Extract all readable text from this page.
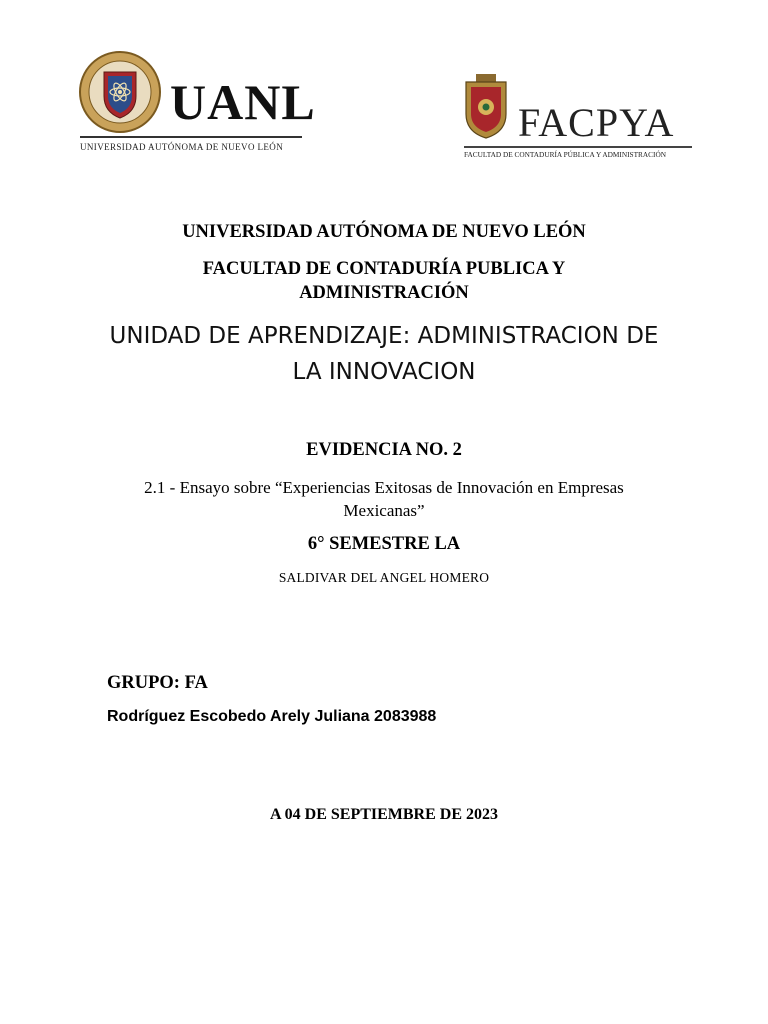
UANL
UNIVERSIDAD AUTÓNOMA DE NUEVO LEÓN
FACPYA
FACULTAD DE CONTADURÍA PÚBLICA Y ADMINISTRACIÓN
UNIVERSIDAD AUTÓNOMA DE NUEVO LEÓN
FACULTAD DE CONTADURÍA PUBLICA Y
ADMINISTRACIÓN
UNIDAD DE APRENDIZAJE: ADMINISTRACION DE
LA INNOVACION
EVIDENCIA NO. 2
2.1 - Ensayo sobre “Experiencias Exitosas de Innovación en Empresas
Mexicanas”
6° SEMESTRE LA
SALDIVAR DEL ANGEL HOMERO
GRUPO: FA
Rodríguez Escobedo Arely Juliana 2083988
A 04 DE SEPTIEMBRE DE 2023
